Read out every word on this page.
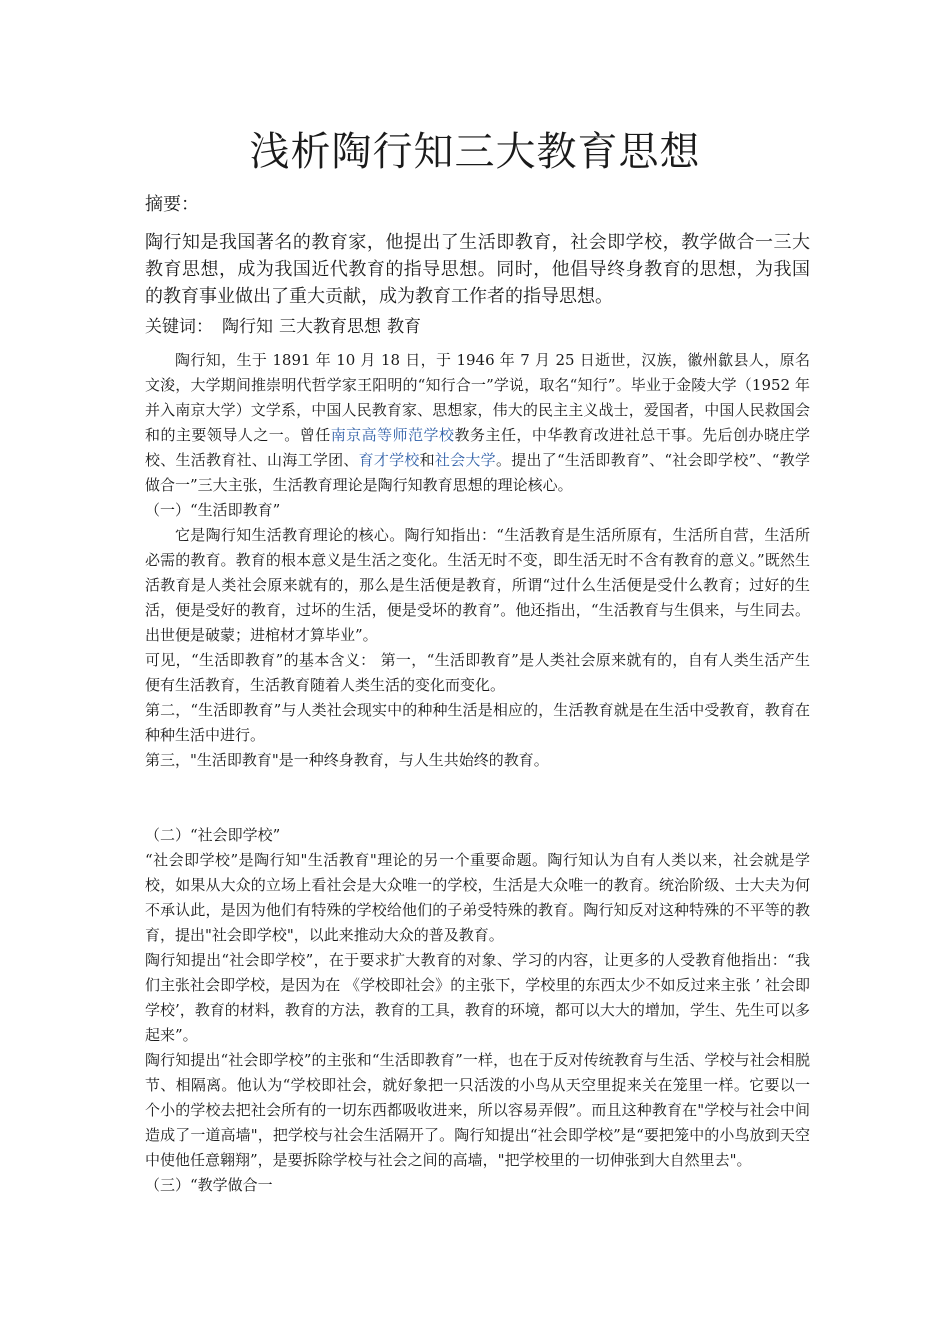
浅析陶行知三大教育思想
摘要：
陶行知是我国著名的教育家，他提出了生活即教育，社会即学校，教学做合一三大教育思想，成为我国近代教育的指导思想。同时，他倡导终身教育的思想，为我国的教育事业做出了重大贡献，成为教育工作者的指导思想。
关键词： 陶行知 三大教育思想 教育

陶行知，生于 1891 年 10 月 18 日，于 1946 年 7 月 25 日逝世，汉族，徽州歙县人，原名文浚，大学期间推崇明代哲学家王阳明的“知行合一”学说，取名“知行”。毕业于金陵大学（1952 年并入南京大学）文学系，中国人民教育家、思想家，伟大的民主主义战士，爱国者，中国人民救国会和的主要领导人之一。曾任南京高等师范学校教务主任，中华教育改进社总干事。先后创办晓庄学校、生活教育社、山海工学团、育才学校和社会大学。提出了“生活即教育”、“社会即学校”、“教学做合一”三大主张，生活教育理论是陶行知教育思想的理论核心。

（一）“生活即教育”

它是陶行知生活教育理论的核心。陶行知指出：“生活教育是生活所原有，生活所自营，生活所必需的教育。教育的根本意义是生活之变化。生活无时不变，即生活无时不含有教育的意义。”既然生活教育是人类社会原来就有的，那么是生活便是教育，所谓“过什么生活便是受什么教育；过好的生活，便是受好的教育，过坏的生活，便是受坏的教育”。他还指出，“生活教育与生俱来，与生同去。出世便是破蒙；进棺材才算毕业”。

可见，“生活即教育”的基本含义： 第一，“生活即教育”是人类社会原来就有的，自有人类生活产生便有生活教育，生活教育随着人类生活的变化而变化。

第二，“生活即教育”与人类社会现实中的种种生活是相应的，生活教育就是在生活中受教育，教育在种种生活中进行。

第三，"生活即教育"是一种终身教育，与人生共始终的教育。

（二）“社会即学校”

“社会即学校”是陶行知"生活教育"理论的另一个重要命题。陶行知认为自有人类以来，社会就是学校，如果从大众的立场上看社会是大众唯一的学校，生活是大众唯一的教育。统治阶级、士大夫为何不承认此，是因为他们有特殊的学校给他们的子弟受特殊的教育。陶行知反对这种特殊的不平等的教育，提出"社会即学校"，以此来推动大众的普及教育。

陶行知提出“社会即学校”，在于要求扩大教育的对象、学习的内容，让更多的人受教育他指出：“我们主张社会即学校，是因为在 《学校即社会》的主张下，学校里的东西太少不如反过来主张 ’ 社会即学校’，教育的材料，教育的方法，教育的工具，教育的环境，都可以大大的增加，学生、先生可以多起来”。

陶行知提出“社会即学校”的主张和“生活即教育”一样，也在于反对传统教育与生活、学校与社会相脱节、相隔离。他认为“学校即社会，就好象把一只活泼的小鸟从天空里捉来关在笼里一样。它要以一个小的学校去把社会所有的一切东西都吸收进来，所以容易弄假”。而且这种教育在"学校与社会中间造成了一道高墙"，把学校与社会生活隔开了。陶行知提出“社会即学校”是“要把笼中的小鸟放到天空中使他任意翱翔”，是要拆除学校与社会之间的高墙，"把学校里的一切伸张到大自然里去"。

（三）“教学做合一
